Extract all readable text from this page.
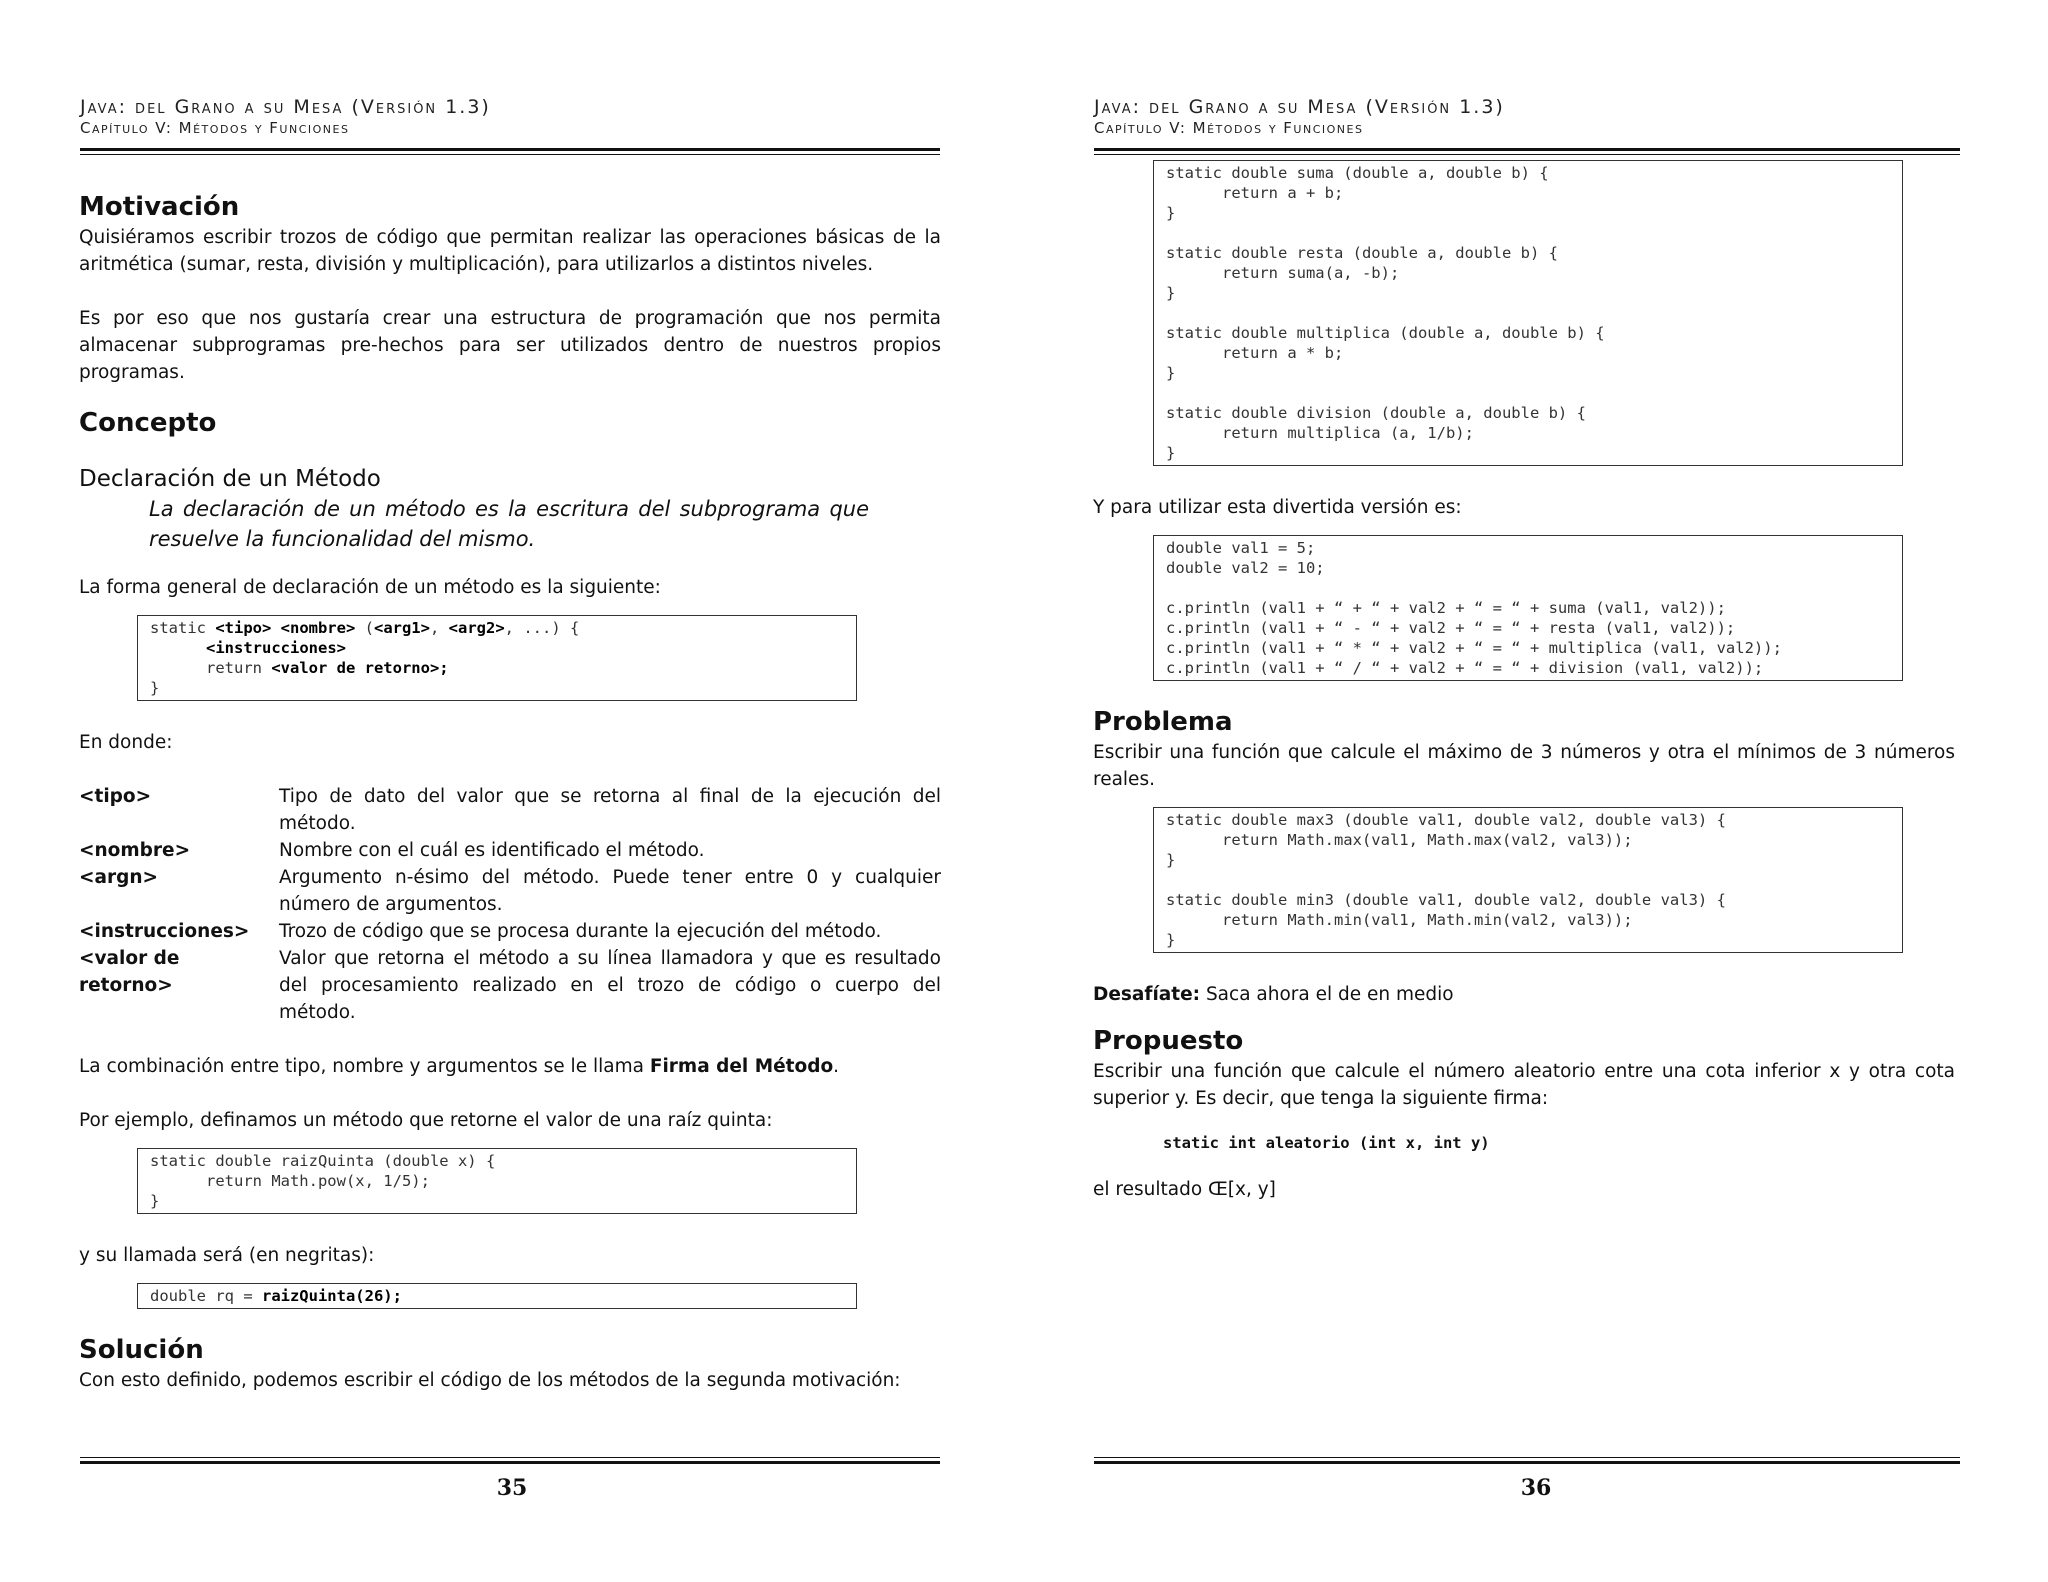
Java: del Grano a su Mesa (Versión 1.3)
Capítulo V: Métodos y Funciones
Motivación

Quisiéramos escribir trozos de código que permitan realizar las operaciones básicas de la aritmética (sumar, resta, división y multiplicación), para utilizarlos a distintos niveles.

Es por eso que nos gustaría crear una estructura de programación que nos permita almacenar subprogramas pre-hechos para ser utilizados dentro de nuestros propios programas.

Concepto
Declaración de un Método
La declaración de un método es la escritura del subprograma que resuelve la funcionalidad del mismo.

La forma general de declaración de un método es la siguiente:

static <tipo> <nombre> (<arg1>, <arg2>, ...) {
<instrucciones>
return <valor de retorno>;
}

En donde:

<tipo>	Tipo de dato del valor que se retorna al final de la ejecución del método.
<nombre>	Nombre con el cuál es identificado el método.
<argn>	Argumento n-ésimo del método. Puede tener entre 0 y cualquier número de argumentos.
<instrucciones>	Trozo de código que se procesa durante la ejecución del método.
<valor de retorno>
Valor que retorna el método a su línea llamadora y que es resultado del procesamiento realizado en el trozo de código o cuerpo del método.

La combinación entre tipo, nombre y argumentos se le llama Firma del Método.

Por ejemplo, definamos un método que retorne el valor de una raíz quinta:

static double raizQuinta (double x) {
return Math.pow(x, 1/5);
}

y su llamada será (en negritas):

double rq = raizQuinta(26);
Solución

Con esto definido, podemos escribir el código de los métodos de la segunda motivación:

35
Java: del Grano a su Mesa (Versión 1.3)
Capítulo V: Métodos y Funciones
static double suma (double a, double b) {
return a + b;
}

static double resta (double a, double b) {
return suma(a, -b);
}

static double multiplica (double a, double b) {
return a * b;
}

static double division (double a, double b) {
return multiplica (a, 1/b);
}

Y para utilizar esta divertida versión es:

double val1 = 5;
double val2 = 10;

c.println (val1 + “ + “ + val2 + “ = “ + suma (val1, val2));
c.println (val1 + “ - “ + val2 + “ = “ + resta (val1, val2));
c.println (val1 + “ * “ + val2 + “ = “ + multiplica (val1, val2));
c.println (val1 + “ / “ + val2 + “ = “ + division (val1, val2));
Problema

Escribir una función que calcule el máximo de 3 números y otra el mínimos de 3 números reales.

static double max3 (double val1, double val2, double val3) {
return Math.max(val1, Math.max(val2, val3));
}

static double min3 (double val1, double val2, double val3) {
return Math.min(val1, Math.min(val2, val3));
}

Desafíate: Saca ahora el de en medio

Propuesto

Escribir una función que calcule el número aleatorio entre una cota inferior x y otra cota superior y. Es decir, que tenga la siguiente firma:

static int aleatorio (int x, int y)

el resultado Œ[x, y]

36
